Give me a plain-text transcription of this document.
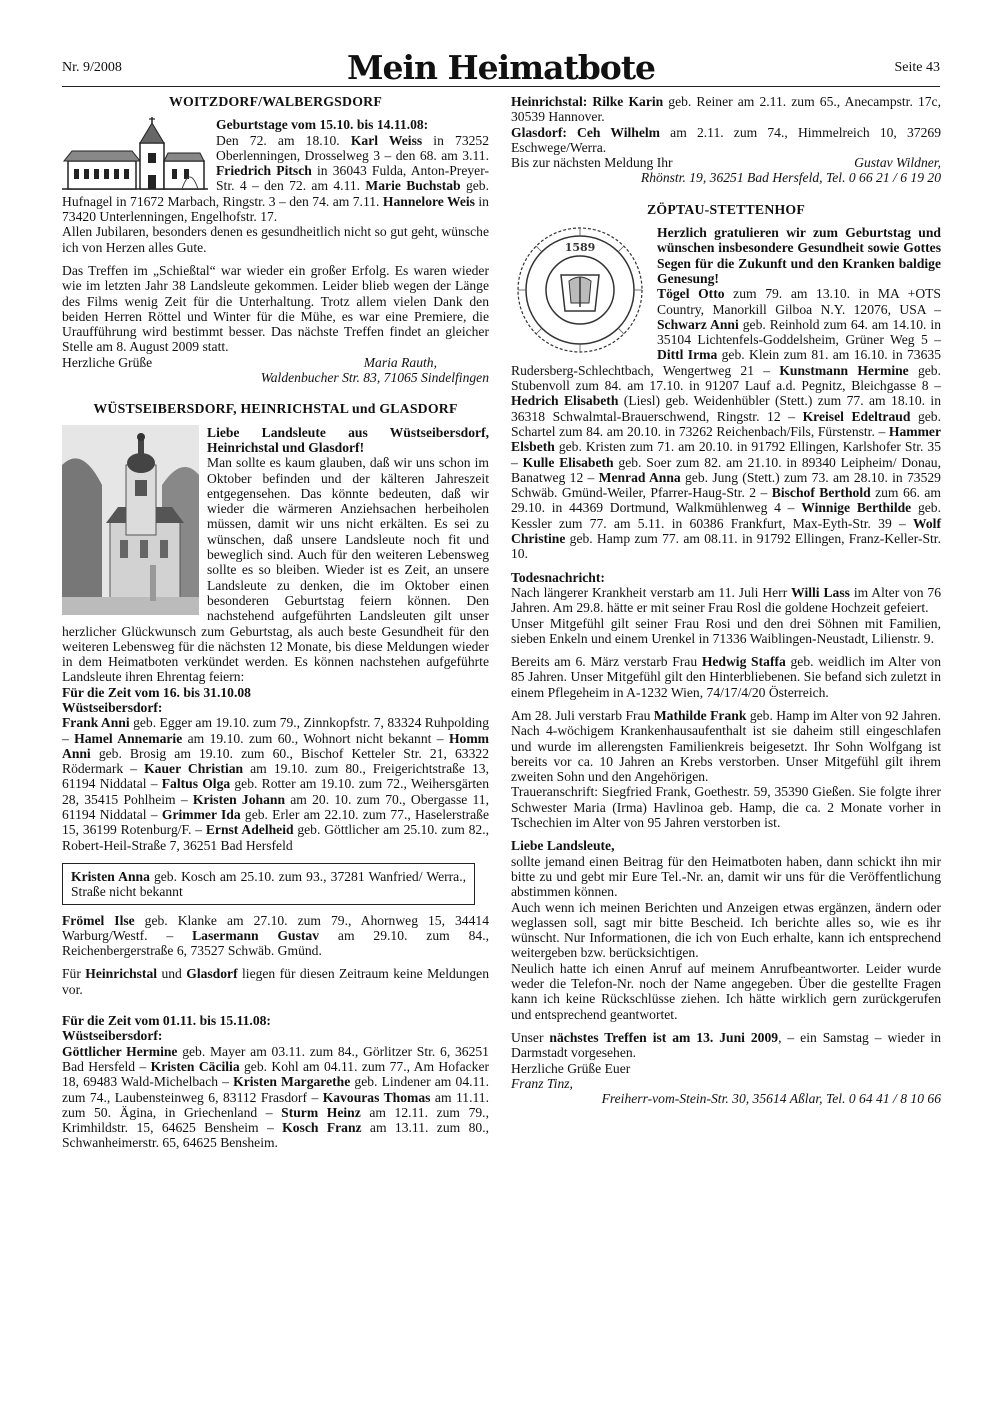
Nr. 9/2008	Mein Heimatbote	Seite 43
WOITZDORF/WALBERGSDORF

Geburtstage vom 15.10. bis 14.11.08:
Den 72. am 18.10. Karl Weiss in 73252 Oberlenningen, Drosselweg 3 – den 68. am 3.11. Friedrich Pitsch in 36043 Fulda, Anton-Preyer-Str. 4 – den 72. am 4.11. Marie Buchstab geb. Hufnagel in 71672 Marbach, Ringstr. 3 – den 74. am 7.11. Hannelore Weis in 73420 Unterlenningen, Engelhofstr. 17.

Allen Jubilaren, besonders denen es gesundheitlich nicht so gut geht, wünsche ich von Herzen alles Gute.

Das Treffen im „Schießtal“ war wieder ein großer Erfolg. Es waren wieder wie im letzten Jahr 38 Landsleute gekommen. Leider blieb wegen der Länge des Films wenig Zeit für die Unterhaltung. Trotz allem vielen Dank den beiden Herren Röttel und Winter für die Mühe, es war eine Premiere, die Uraufführung wird bestimmt besser. Das nächste Treffen findet an gleicher Stelle am 8. August 2009 statt.

Herzliche Grüße	Maria Rauth,

Waldenbucher Str. 83, 71065 Sindelfingen

WÜSTSEIBERSDORF, HEINRICHSTAL und GLASDORF

Liebe Landsleute aus Wüstseibersdorf, Heinrichstal und Glasdorf!

Man sollte es kaum glauben, daß wir uns schon im Oktober befinden und der kälteren Jahreszeit entgegensehen. Das könnte bedeuten, daß wir wieder die wärmeren Anziehsachen herbeiholen müssen, damit wir uns nicht erkälten. Es sei zu wünschen, daß unsere Landsleute noch fit und beweglich sind. Auch für den weiteren Lebensweg sollte es so bleiben. Wieder ist es Zeit, an unsere Landsleute zu denken, die im Oktober einen besonderen Geburtstag feiern können. Den nachstehend aufgeführten Landsleuten gilt unser herzlicher Glückwunsch zum Geburtstag, als auch beste Gesundheit für den weiteren Lebensweg für die nächsten 12 Monate, bis diese Meldungen wieder in dem Heimatboten verkündet werden. Es können nachstehen aufgeführte Landsleute ihren Ehrentag feiern:

Für die Zeit vom 16. bis 31.10.08

Wüstseibersdorf:

Frank Anni geb. Egger am 19.10. zum 79., Zinnkopfstr. 7, 83324 Ruhpolding – Hamel Annemarie am 19.10. zum 60., Wohnort nicht bekannt – Homm Anni geb. Brosig am 19.10. zum 60., Bischof Ketteler Str. 21, 63322 Rödermark – Kauer Christian am 19.10. zum 80., Freigerichtstraße 13, 61194 Niddatal – Faltus Olga geb. Rotter am 19.10. zum 72., Weihersgärten 28, 35415 Pohlheim – Kristen Johann am 20. 10. zum 70., Obergasse 11, 61194 Niddatal – Grimmer Ida geb. Erler am 22.10. zum 77., Haselerstraße 15, 36199 Rotenburg/F. – Ernst Adelheid geb. Göttlicher am 25.10. zum 82., Robert-Heil-Straße 7, 36251 Bad Hersfeld

Kristen Anna geb. Kosch am 25.10. zum 93., 37281 Wanfried/ Werra., Straße nicht bekannt

Frömel Ilse geb. Klanke am 27.10. zum 79., Ahornweg 15, 34414 Warburg/Westf. – Lasermann Gustav am 29.10. zum 84., Reichenbergerstraße 6, 73527 Schwäb. Gmünd.

Für Heinrichstal und Glasdorf liegen für diesen Zeitraum keine Meldungen vor.

Für die Zeit vom 01.11. bis 15.11.08:

Wüstseibersdorf:

Göttlicher Hermine geb. Mayer am 03.11. zum 84., Görlitzer Str. 6, 36251 Bad Hersfeld – Kristen Cäcilia geb. Kohl am 04.11. zum 77., Am Hofacker 18, 69483 Wald-Michelbach – Kristen Margarethe geb. Lindener am 04.11. zum 74., Laubensteinweg 6, 83112 Frasdorf – Kavouras Thomas am 11.11. zum 50. Ägina, in Griechenland – Sturm Heinz am 12.11. zum 79., Krimhildstr. 15, 64625 Bensheim – Kosch Franz am 13.11. zum 80., Schwanheimerstr. 65, 64625 Bensheim.

Heinrichstal: Rilke Karin geb. Reiner am 2.11. zum 65., Anecampstr. 17c, 30539 Hannover.

Glasdorf: Ceh Wilhelm am 2.11. zum 74., Himmelreich 10, 37269 Eschwege/Werra.

Bis zur nächsten Meldung Ihr	Gustav Wildner,

Rhönstr. 19, 36251 Bad Hersfeld, Tel. 0 66 21 / 6 19 20

ZÖPTAU-STETTENHOF
1589

Herzlich gratulieren wir zum Geburtstag und wünschen insbesondere Gesundheit sowie Gottes Segen für die Zukunft und den Kranken baldige Genesung!

Tögel Otto zum 79. am 13.10. in MA +OTS Country, Manorkill Gilboa N.Y. 12076, USA – Schwarz Anni geb. Reinhold zum 64. am 14.10. in 35104 Lichtenfels-Goddelsheim, Grüner Weg 5 – Dittl Irma geb. Klein zum 81. am 16.10. in 73635 Rudersberg-Schlechtbach, Wengertweg 21 – Kunstmann Hermine geb. Stubenvoll zum 84. am 17.10. in 91207 Lauf a.d. Pegnitz, Bleichgasse 8 – Hedrich Elisabeth (Liesl) geb. Weidenhübler (Stett.) zum 77. am 18.10. in 36318 Schwalmtal-Brauerschwend, Ringstr. 12 – Kreisel Edeltraud geb. Schartel zum 84. am 20.10. in 73262 Reichenbach/Fils, Fürstenstr. – Hammer Elsbeth geb. Kristen zum 71. am 20.10. in 91792 Ellingen, Karlshofer Str. 35 – Kulle Elisabeth geb. Soer zum 82. am 21.10. in 89340 Leipheim/ Donau, Banatweg 12 – Menrad Anna geb. Jung (Stett.) zum 73. am 28.10. in 73529 Schwäb. Gmünd-Weiler, Pfarrer-Haug-Str. 2 – Bischof Berthold zum 66. am 29.10. in 44369 Dortmund, Walkmühlenweg 4 – Winnige Berthilde geb. Kessler zum 77. am 5.11. in 60386 Frankfurt, Max-Eyth-Str. 39 – Wolf Christine geb. Hamp zum 77. am 08.11. in 91792 Ellingen, Franz-Keller-Str. 10.

Todesnachricht:

Nach längerer Krankheit verstarb am 11. Juli Herr Willi Lass im Alter von 76 Jahren. Am 29.8. hätte er mit seiner Frau Rosl die goldene Hochzeit gefeiert.

Unser Mitgefühl gilt seiner Frau Rosi und den drei Söhnen mit Familien, sieben Enkeln und einem Urenkel in 71336 Waiblingen-Neustadt, Lilienstr. 9.

Bereits am 6. März verstarb Frau Hedwig Staffa geb. weidlich im Alter von 85 Jahren. Unser Mitgefühl gilt den Hinterbliebenen. Sie befand sich zuletzt in einem Pflegeheim in A-1232 Wien, 74/17/4/20 Österreich.

Am 28. Juli verstarb Frau Mathilde Frank geb. Hamp im Alter von 92 Jahren. Nach 4-wöchigem Krankenhausaufenthalt ist sie daheim still eingeschlafen und wurde im allerengsten Familienkreis beigesetzt. Ihr Sohn Wolfgang ist bereits vor ca. 10 Jahren an Krebs verstorben. Unser Mitgefühl gilt ihrem zweiten Sohn und den Angehörigen.

Traueranschrift: Siegfried Frank, Goethestr. 59, 35390 Gießen. Sie folgte ihrer Schwester Maria (Irma) Havlinoa geb. Hamp, die ca. 2 Monate vorher in Tschechien im Alter von 95 Jahren verstorben ist.

Liebe Landsleute,

sollte jemand einen Beitrag für den Heimatboten haben, dann schickt ihn mir bitte zu und gebt mir Eure Tel.-Nr. an, damit wir uns für die Veröffentlichung abstimmen können.

Auch wenn ich meinen Berichten und Anzeigen etwas ergänzen, ändern oder weglassen soll, sagt mir bitte Bescheid. Ich berichte alles so, wie es ihr wünscht. Nur Informationen, die ich von Euch erhalte, kann ich entsprechend weitergeben bzw. berücksichtigen.

Neulich hatte ich einen Anruf auf meinem Anrufbeantworter. Leider wurde weder die Telefon-Nr. noch der Name angegeben. Über die gestellte Fragen kann ich keine Rückschlüsse ziehen. Ich hätte wirklich gern zurückgerufen und entsprechend geantwortet.

Unser nächstes Treffen ist am 13. Juni 2009, – ein Samstag – wieder in Darmstadt vorgesehen.

Herzliche Grüße Euer

Franz Tinz,

Freiherr-vom-Stein-Str. 30, 35614 Aßlar, Tel. 0 64 41 / 8 10 66
